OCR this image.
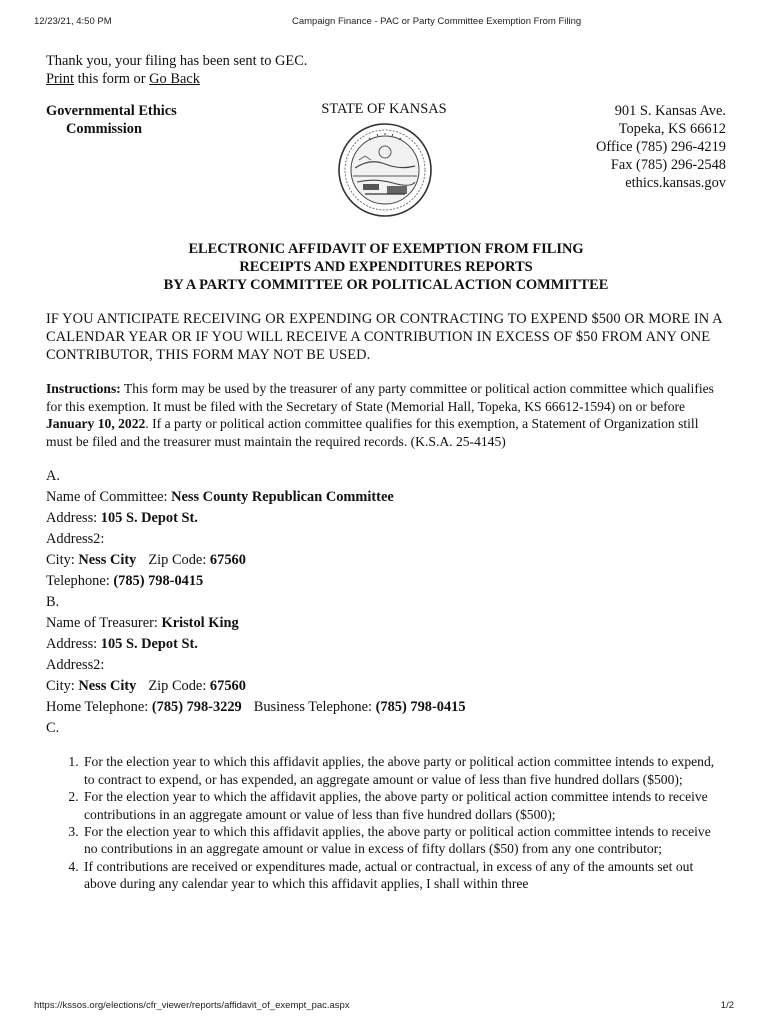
12/23/21, 4:50 PM	Campaign Finance - PAC or Party Committee Exemption From Filing

Thank you, your filing has been sent to GEC.

Print this form or Go Back

Governmental Ethics
Commission
STATE OF KANSAS	901 S. Kansas Ave.
Topeka, KS 66612
Office (785) 296-4219
Fax (785) 296-2548
ethics.kansas.gov
ELECTRONIC AFFIDAVIT OF EXEMPTION FROM FILING
RECEIPTS AND EXPENDITURES REPORTS
BY A PARTY COMMITTEE OR POLITICAL ACTION COMMITTEE
IF YOU ANTICIPATE RECEIVING OR EXPENDING OR CONTRACTING TO EXPEND $500 OR MORE IN A CALENDAR YEAR OR IF YOU WILL RECEIVE A CONTRIBUTION IN EXCESS OF $50 FROM ANY ONE CONTRIBUTOR, THIS FORM MAY NOT BE USED.
Instructions: This form may be used by the treasurer of any party committee or political action committee which qualifies for this exemption. It must be filed with the Secretary of State (Memorial Hall, Topeka, KS 66612-1594) on or before January 10, 2022. If a party or political action committee qualifies for this exemption, a Statement of Organization still must be filed and the treasurer must maintain the required records. (K.S.A. 25-4145)
A.
Name of Committee: Ness County Republican Committee
Address: 105 S. Depot St.
Address2:
City: Ness City Zip Code: 67560
Telephone: (785) 798-0415
B.
Name of Treasurer: Kristol King
Address: 105 S. Depot St.
Address2:
City: Ness City Zip Code: 67560
Home Telephone: (785) 798-3229 Business Telephone: (785) 798-0415
C.
1. For the election year to which this affidavit applies, the above party or political action committee intends to expend, to contract to expend, or has expended, an aggregate amount or value of less than five hundred dollars ($500);
2. For the election year to which the affidavit applies, the above party or political action committee intends to receive contributions in an aggregate amount or value of less than five hundred dollars ($500);
3. For the election year to which this affidavit applies, the above party or political action committee intends to receive no contributions in an aggregate amount or value in excess of fifty dollars ($50) from any one contributor;
4. If contributions are received or expenditures made, actual or contractual, in excess of any of the amounts set out above during any calendar year to which this affidavit applies, I shall within three
https://kssos.org/elections/cfr_viewer/reports/affidavit_of_exempt_pac.aspx	1/2
